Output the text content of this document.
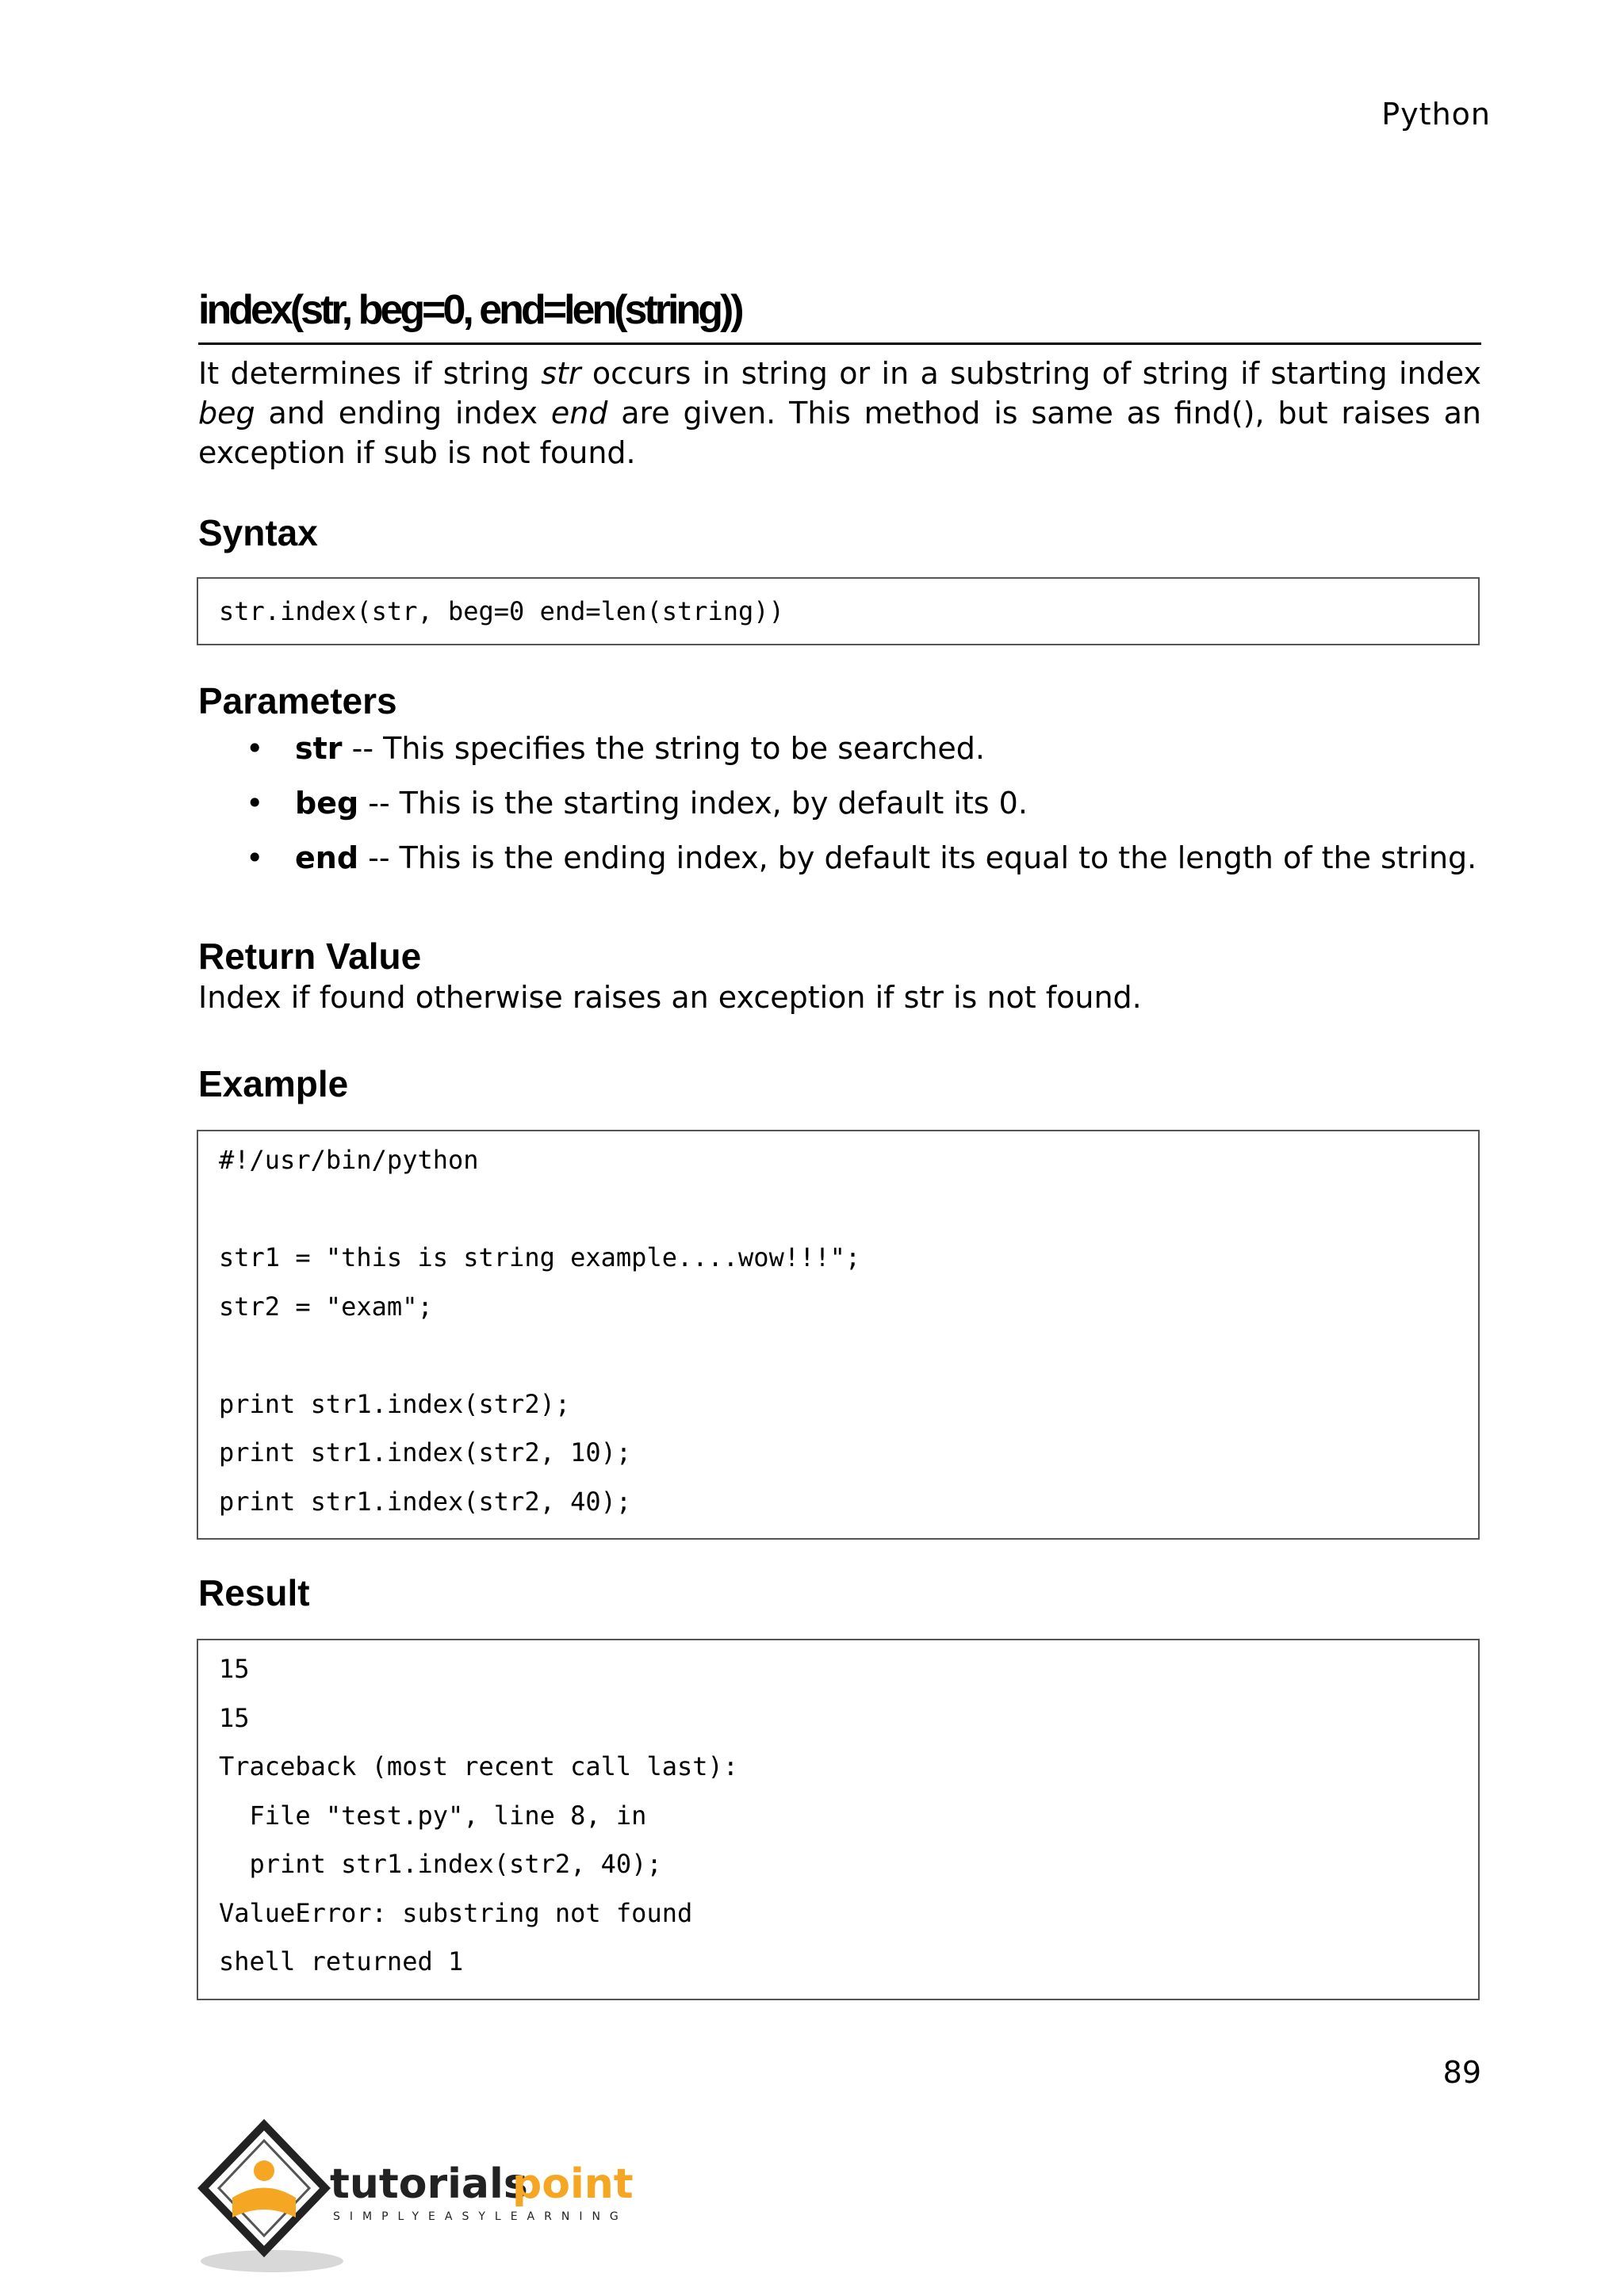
Python
index(str, beg=0, end=len(string))
It determines if string str occurs in string or in a substring of string if starting index beg and ending index end are given. This method is same as find(), but raises an exception if sub is not found.
Syntax
str.index(str, beg=0 end=len(string))
Parameters
• str -- This specifies the string to be searched.
• beg -- This is the starting index, by default its 0.
• end -- This is the ending index, by default its equal to the length of the string.
Return Value
Index if found otherwise raises an exception if str is not found.
Example
#!/usr/bin/python
str1 = "this is string example....wow!!!";
str2 = "exam";
print str1.index(str2);
print str1.index(str2, 10);
print str1.index(str2, 40);
Result
15
15
Traceback (most recent call last):
File "test.py", line 8, in
print str1.index(str2, 40);
ValueError: substring not found
shell returned 1
89
tutorials
point
SIMPLYEASYLEARNING
